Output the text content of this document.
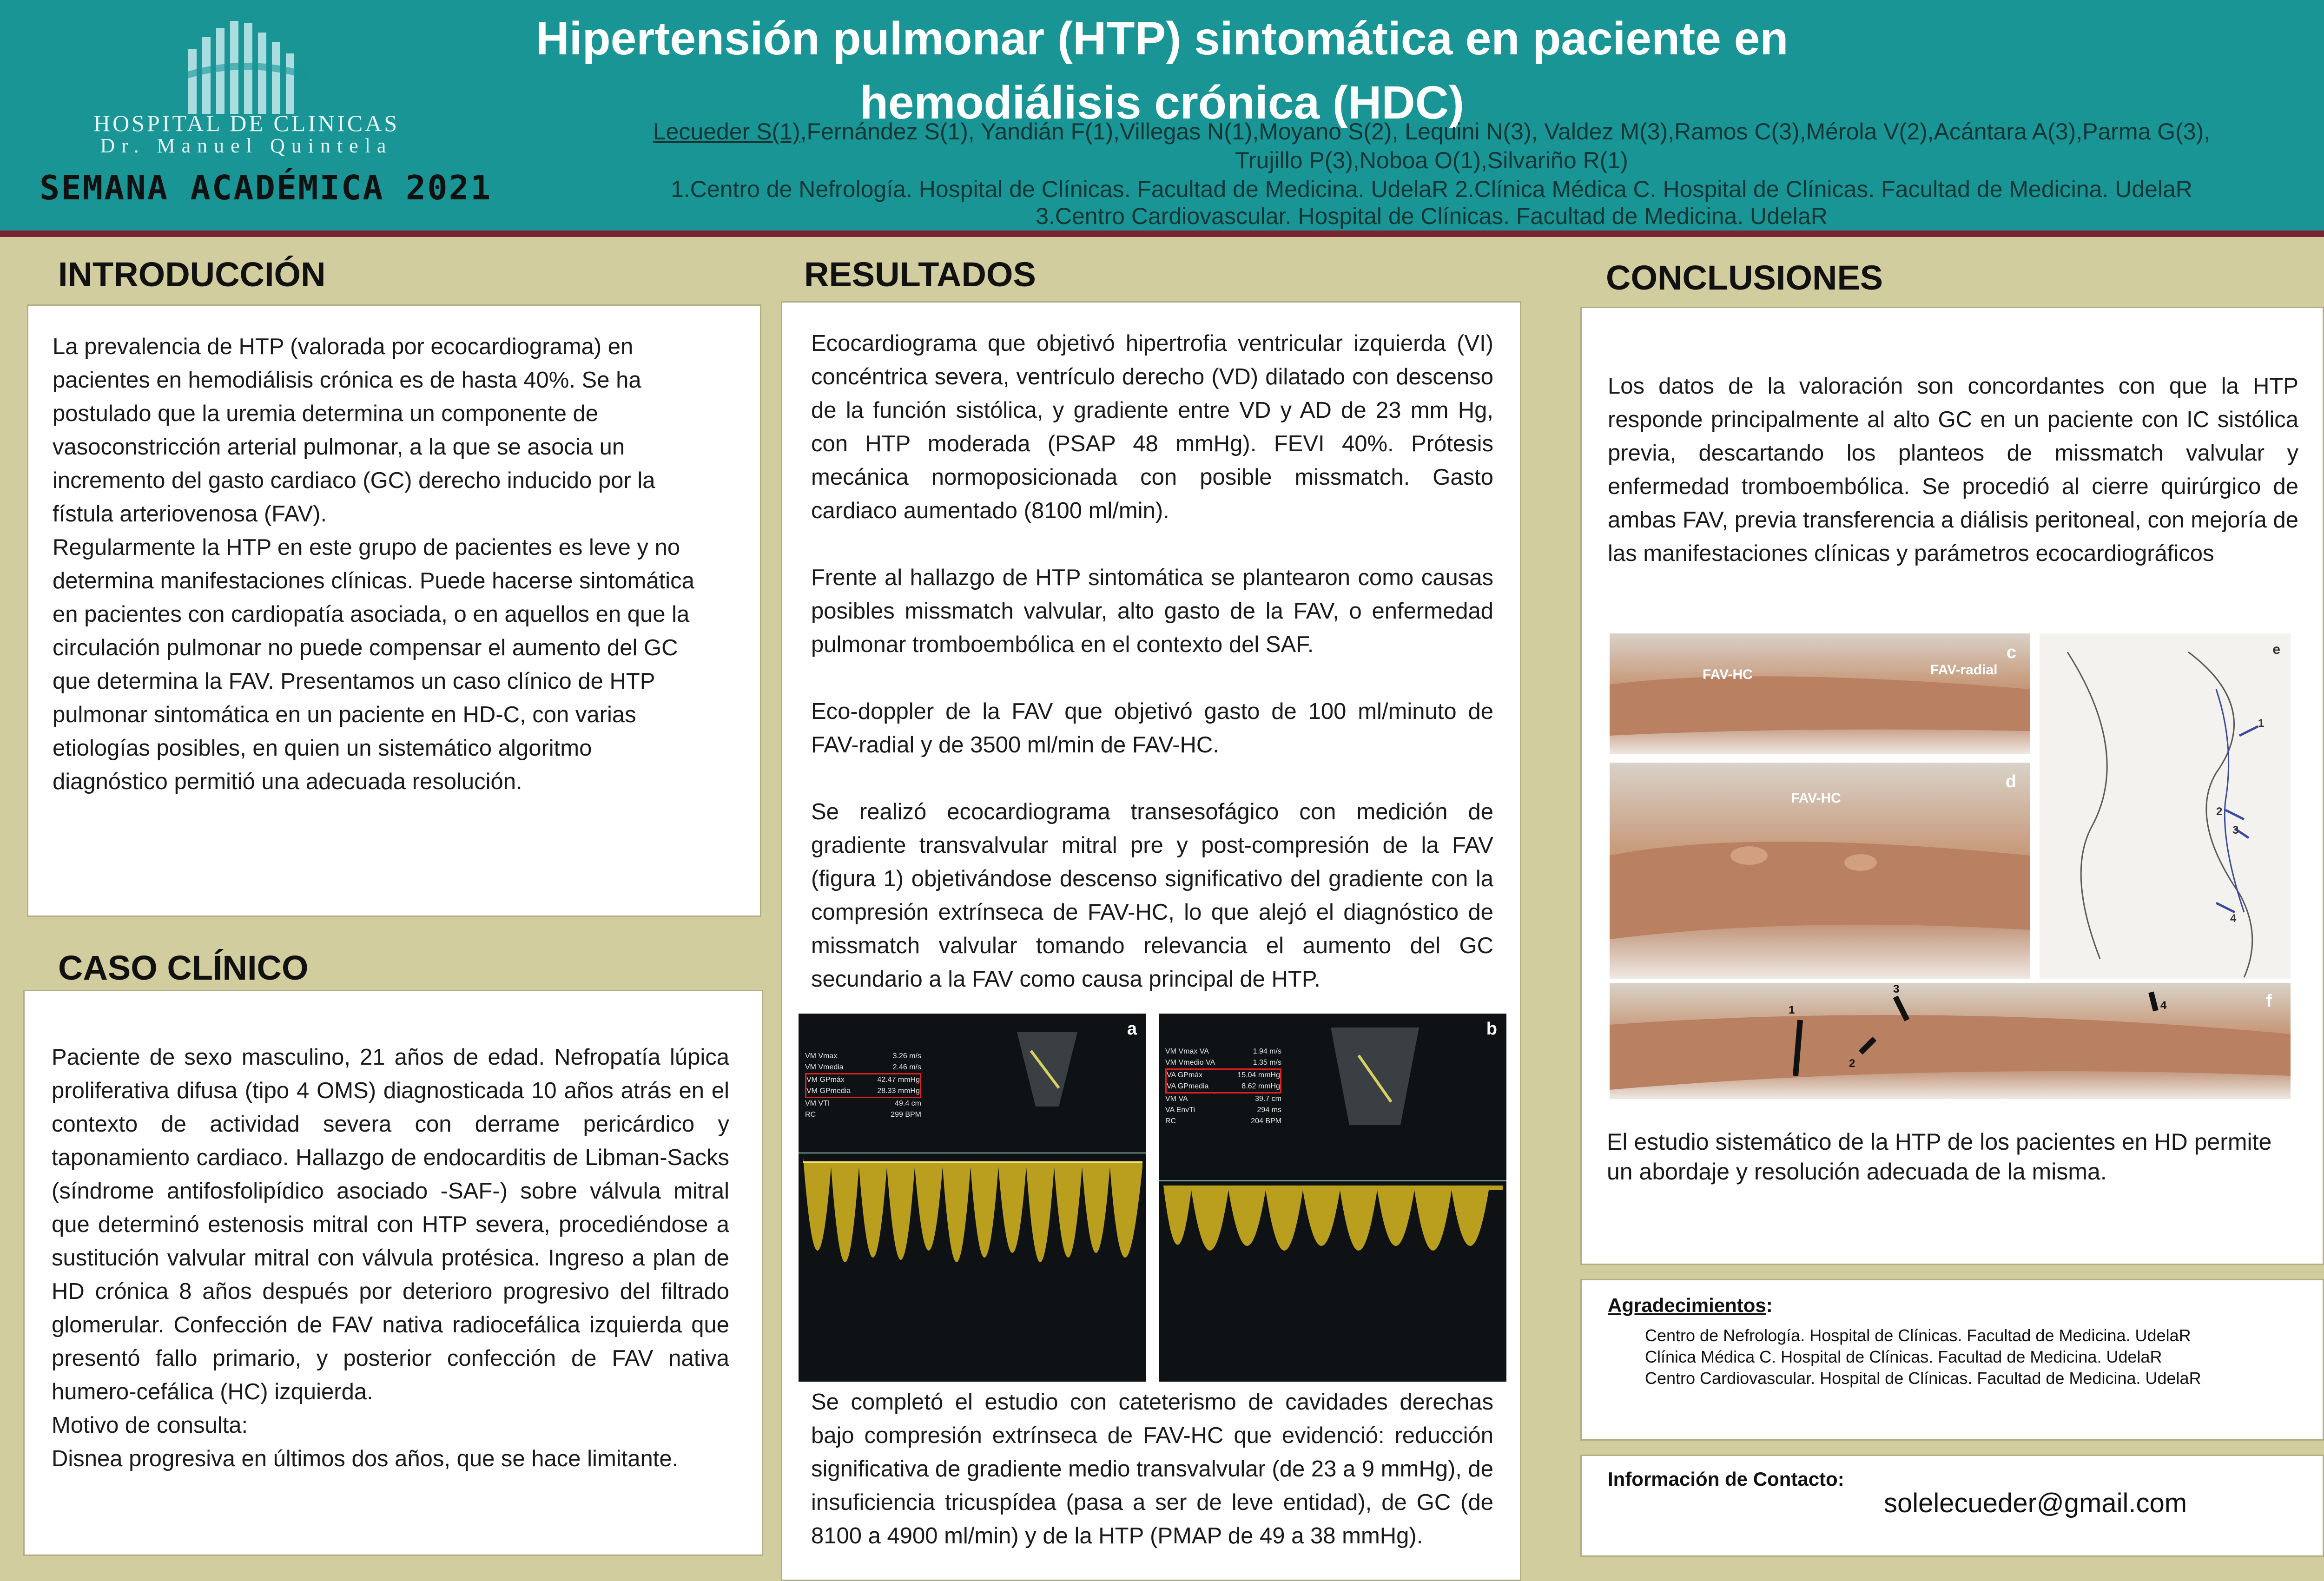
HOSPITAL DE CLINICAS
Dr. Manuel Quintela
SEMANA ACADÉMICA 2021
Hipertensión pulmonar (HTP) sintomática en paciente en
hemodiálisis crónica (HDC)
Lecueder S(1),Fernández S(1), Yandián F(1),Villegas N(1),Moyano S(2), Lequini N(3), Valdez M(3),Ramos C(3),Mérola V(2),Acántara A(3),Parma G(3),
Trujillo P(3),Noboa O(1),Silvariño R(1)
1.Centro de Nefrología. Hospital de Clínicas. Facultad de Medicina. UdelaR 2.Clínica Médica C. Hospital de Clínicas. Facultad de Medicina. UdelaR
3.Centro Cardiovascular. Hospital de Clínicas. Facultad de Medicina. UdelaR
INTRODUCCIÓN
La prevalencia de HTP (valorada por ecocardiograma) en
pacientes en hemodiálisis crónica es de hasta 40%. Se ha
postulado que la uremia determina un componente de
vasoconstricción arterial pulmonar, a la que se asocia un
incremento del gasto cardiaco (GC) derecho inducido por la
fístula arteriovenosa (FAV).
Regularmente la HTP en este grupo de pacientes es leve y no
determina manifestaciones clínicas. Puede hacerse sintomática
en pacientes con cardiopatía asociada, o en aquellos en que la
circulación pulmonar no puede compensar el aumento del GC
que determina la FAV. Presentamos un caso clínico de HTP
pulmonar sintomática en un paciente en HD-C, con varias
etiologías posibles, en quien un sistemático algoritmo
diagnóstico permitió una adecuada resolución.
CASO CLÍNICO
Paciente de sexo masculino, 21 años de edad. Nefropatía lúpica proliferativa difusa (tipo 4 OMS) diagnosticada 10 años atrás en el contexto de actividad severa con derrame pericárdico y taponamiento cardiaco. Hallazgo de endocarditis de Libman-Sacks (síndrome antifosfolipídico asociado -SAF-) sobre válvula mitral que determinó estenosis mitral con HTP severa, procediéndose a sustitución valvular mitral con válvula protésica. Ingreso a plan de HD crónica 8 años después por deterioro progresivo del filtrado glomerular. Confección de FAV nativa radiocefálica izquierda que presentó fallo primario, y posterior confección de FAV nativa humero-cefálica (HC) izquierda.
Motivo de consulta:
Disnea progresiva en últimos dos años, que se hace limitante.
RESULTADOS

Ecocardiograma que objetivó hipertrofia ventricular izquierda (VI) concéntrica severa, ventrículo derecho (VD) dilatado con descenso de la función sistólica, y gradiente entre VD y AD de 23 mm Hg, con HTP moderada (PSAP 48 mmHg). FEVI 40%. Prótesis mecánica normoposicionada con posible missmatch. Gasto cardiaco aumentado (8100 ml/min).

Frente al hallazgo de HTP sintomática se plantearon como causas posibles missmatch valvular, alto gasto de la FAV, o enfermedad pulmonar tromboembólica en el contexto del SAF.

Eco-doppler de la FAV que objetivó gasto de 100 ml/minuto de FAV-radial y de 3500 ml/min de FAV-HC.

Se realizó ecocardiograma transesofágico con medición de gradiente transvalvular mitral pre y post-compresión de la FAV (figura 1) objetivándose descenso significativo del gradiente con la compresión extrínseca de FAV-HC, lo que alejó el diagnóstico de missmatch valvular tomando relevancia el aumento del GC secundario a la FAV como causa principal de HTP.

a
VM Vmax	3.26 m/s
VM Vmedia	2.46 m/s
VM GPmáx	42.47 mmHg
VM GPmedia	28.33 mmHg
VM VTI	49.4 cm
RC	299 BPM
b
VM Vmax VA	1.94 m/s
VM Vmedio VA	1.35 m/s
VA GPmáx	15.04 mmHg
VA GPmedia	8.62 mmHg
VM VA	39.7 cm
VA EnvTi	294 ms
RC	204 BPM

Se completó el estudio con cateterismo de cavidades derechas bajo compresión extrínseca de FAV-HC que evidenció: reducción significativa de gradiente medio transvalvular (de 23 a 9 mmHg), de insuficiencia tricuspídea (pasa a ser de leve entidad), de GC (de 8100 a 4900 ml/min) y de la HTP (PMAP de 49 a 38 mmHg).

CONCLUSIONES
Los datos de la valoración son concordantes con que la HTP responde principalmente al alto GC en un paciente con IC sistólica previa, descartando los planteos de missmatch valvular y enfermedad tromboembólica. Se procedió al cierre quirúrgico de ambas FAV, previa transferencia a diálisis peritoneal, con mejoría de las manifestaciones clínicas y parámetros ecocardiográficos
FAV-HC	FAV-radial
c
FAV-HC
d
e
1
2
3
4
1
2
3
4	f
El estudio sistemático de la HTP de los pacientes en HD permite un abordaje y resolución adecuada de la misma.
Agradecimientos:
Centro de Nefrología. Hospital de Clínicas. Facultad de Medicina. UdelaR
Clínica Médica C. Hospital de Clínicas. Facultad de Medicina. UdelaR
Centro Cardiovascular. Hospital de Clínicas. Facultad de Medicina. UdelaR
Información de Contacto:
solelecueder@gmail.com
